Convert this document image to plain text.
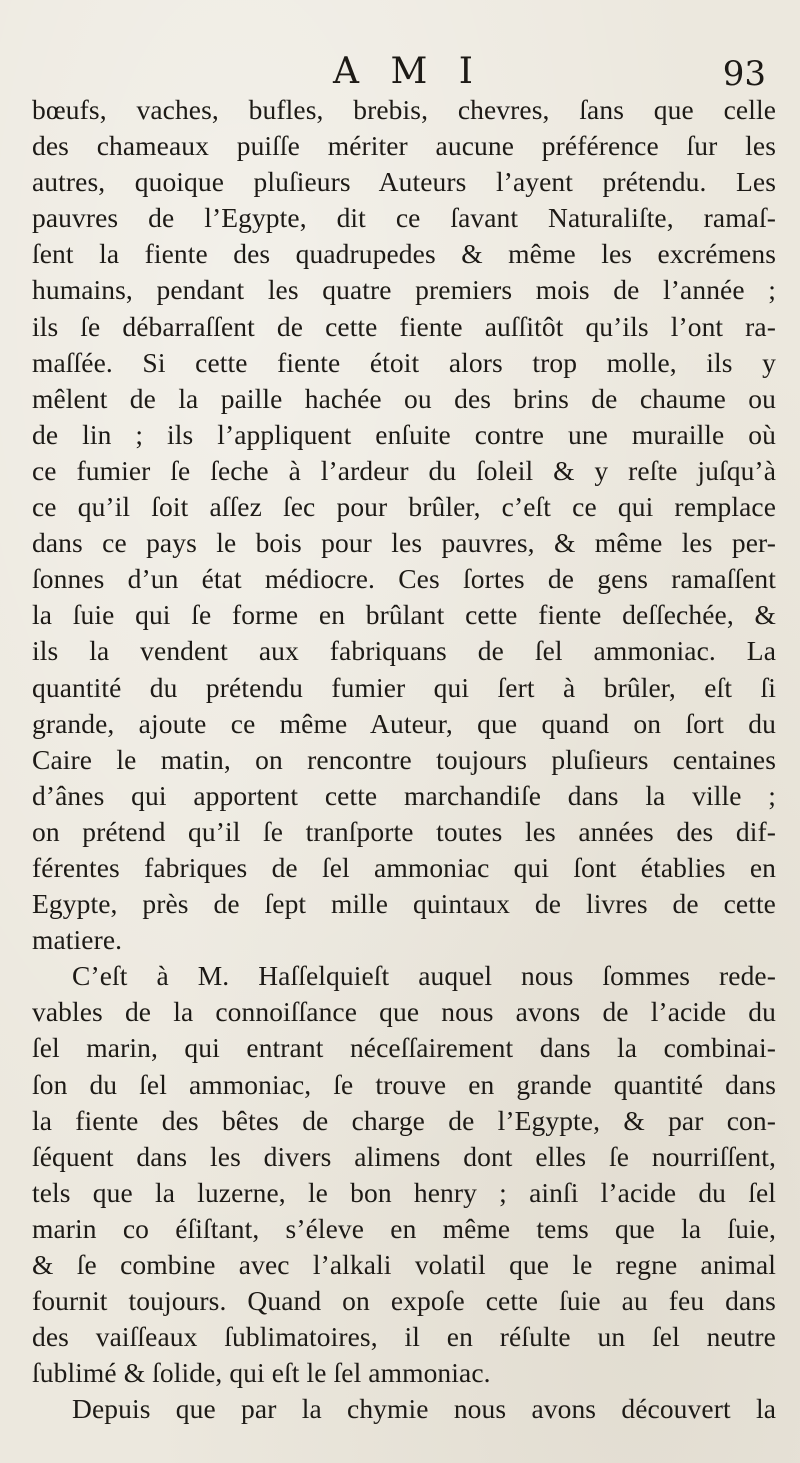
A M I	93
bœufs, vaches, bufles, brebis, chevres, ſans que celle
des chameaux puiſſe mériter aucune préférence ſur les
autres, quoique pluſieurs Auteurs l’ayent prétendu. Les
pauvres de l’Egypte, dit ce ſavant Naturaliſte, ramaſ-
ſent la fiente des quadrupedes & même les excrémens
humains, pendant les quatre premiers mois de l’année ;
ils ſe débarraſſent de cette fiente auſſitôt qu’ils l’ont ra-
maſſée. Si cette fiente étoit alors trop molle, ils y
mêlent de la paille hachée ou des brins de chaume ou
de lin ; ils l’appliquent enſuite contre une muraille où
ce fumier ſe ſeche à l’ardeur du ſoleil & y reſte juſqu’à
ce qu’il ſoit aſſez ſec pour brûler, c’eſt ce qui remplace
dans ce pays le bois pour les pauvres, & même les per-
ſonnes d’un état médiocre. Ces ſortes de gens ramaſſent
la ſuie qui ſe forme en brûlant cette fiente deſſechée, &
ils la vendent aux fabriquans de ſel ammoniac. La
quantité du prétendu fumier qui ſert à brûler, eſt ſi
grande, ajoute ce même Auteur, que quand on ſort du
Caire le matin, on rencontre toujours pluſieurs centaines
d’ânes qui apportent cette marchandiſe dans la ville ;
on prétend qu’il ſe tranſporte toutes les années des dif-
férentes fabriques de ſel ammoniac qui ſont établies en
Egypte, près de ſept mille quintaux de livres de cette
matiere.
C’eſt à M. Haſſelquieſt auquel nous ſommes rede-
vables de la connoiſſance que nous avons de l’acide du
ſel marin, qui entrant néceſſairement dans la combinai-
ſon du ſel ammoniac, ſe trouve en grande quantité dans
la fiente des bêtes de charge de l’Egypte, & par con-
ſéquent dans les divers alimens dont elles ſe nourriſſent,
tels que la luzerne, le bon henry ; ainſi l’acide du ſel
marin co éſiſtant, s’éleve en même tems que la ſuie,
& ſe combine avec l’alkali volatil que le regne animal
fournit toujours. Quand on expoſe cette ſuie au feu dans
des vaiſſeaux ſublimatoires, il en réſulte un ſel neutre
ſublimé & ſolide, qui eſt le ſel ammoniac.
Depuis que par la chymie nous avons découvert la
